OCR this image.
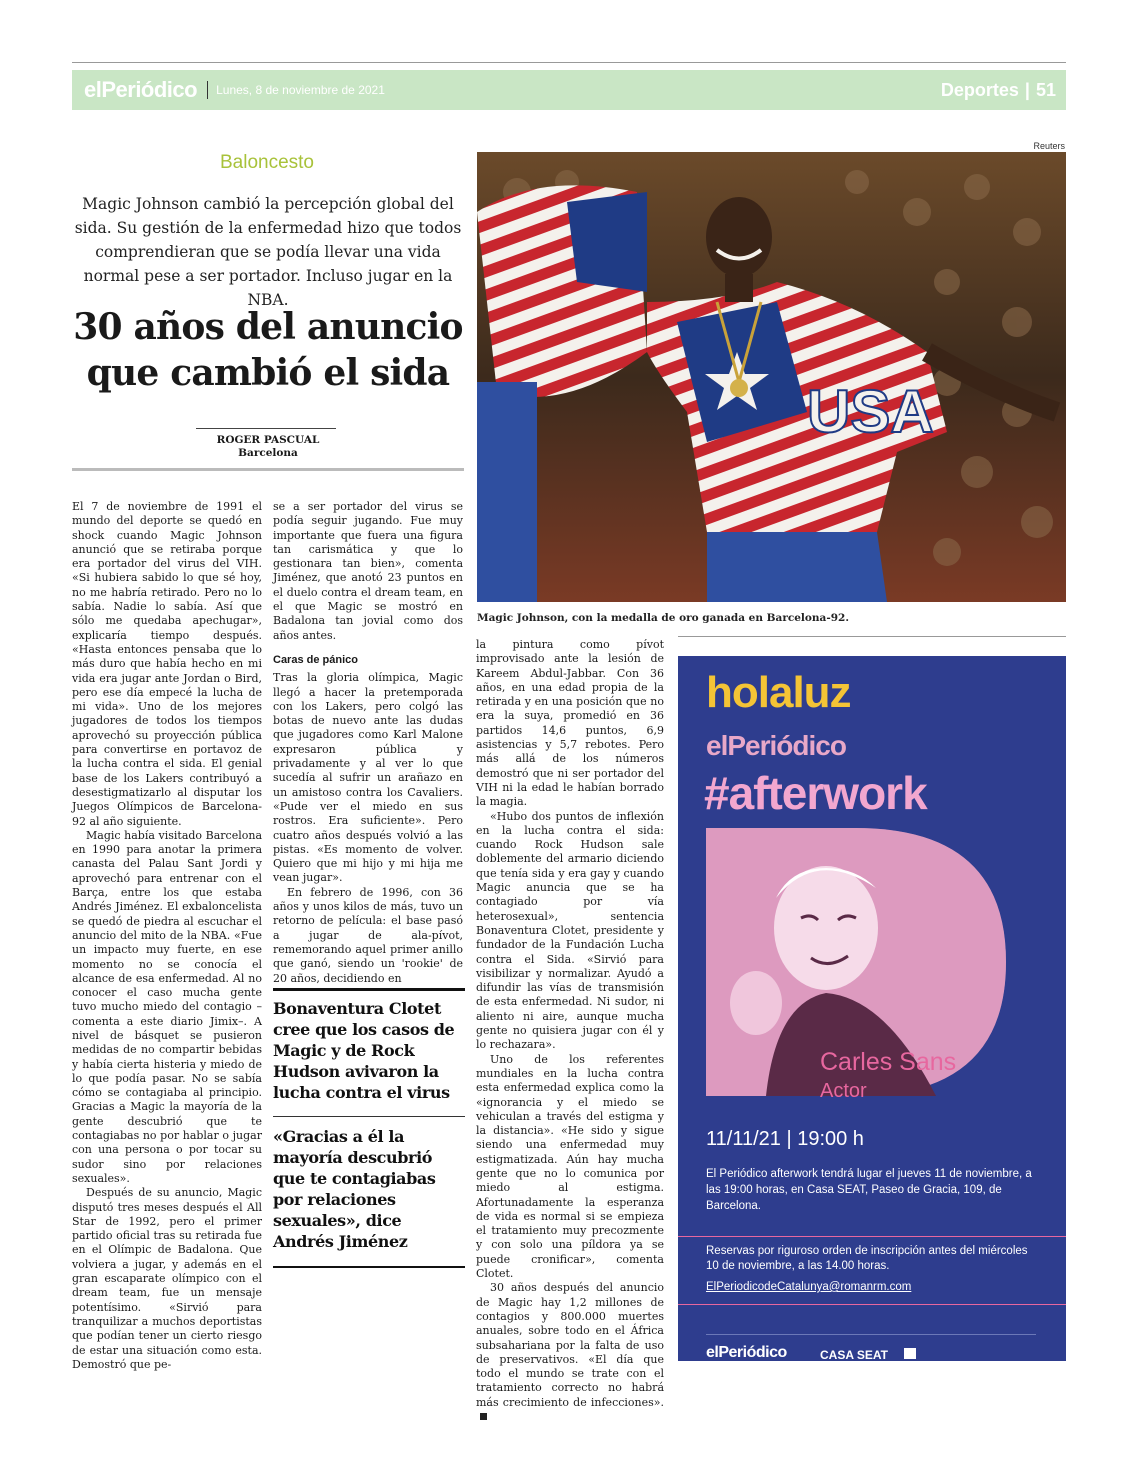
elPeriódico Lunes, 8 de noviembre de 2021	Deportes | 51
Baloncesto
Magic Johnson cambió la percepción global del sida. Su gestión de la enfermedad hizo que todos comprendieran que se podía llevar una vida normal pese a ser portador. Incluso jugar en la NBA.
30 años del anuncio que cambió el sida
ROGER PASCUAL
Barcelona
Reuters
USA
Magic Johnson, con la medalla de oro ganada en Barcelona-92.

El 7 de noviembre de 1991 el mundo del deporte se quedó en shock cuando Magic Johnson anunció que se retiraba porque era portador del virus del VIH. «Si hubiera sabido lo que sé hoy, no me habría retirado. Pero no lo sabía. Nadie lo sabía. Así que sólo me quedaba apechugar», explicaría tiempo después. «Hasta entonces pensaba que lo más duro que había hecho en mi vida era jugar ante Jordan o Bird, pero ese día empecé la lucha de mi vida». Uno de los mejores jugadores de todos los tiempos aprovechó su proyección pública para convertirse en portavoz de la lucha contra el sida. El genial base de los Lakers contribuyó a desestigmatizarlo al disputar los Juegos Olímpicos de Barcelona-92 al año siguiente.

Magic había visitado Barcelona en 1990 para anotar la primera canasta del Palau Sant Jordi y aprovechó para entrenar con el Barça, entre los que estaba Andrés Jiménez. El exbaloncelista se quedó de piedra al escuchar el anuncio del mito de la NBA. «Fue un impacto muy fuerte, en ese momento no se conocía el alcance de esa enfermedad. Al no conocer el caso mucha gente tuvo mucho miedo del contagio –comenta a este diario Jimix–. A nivel de básquet se pusieron medidas de no compartir bebidas y había cierta histeria y miedo de lo que podía pasar. No se sabía cómo se contagiaba al principio. Gracias a Magic la mayoría de la gente descubrió que te contagiabas no por hablar o jugar con una persona o por tocar su sudor sino por relaciones sexuales».

Después de su anuncio, Magic disputó tres meses después el All Star de 1992, pero el primer partido oficial tras su retirada fue en el Olímpic de Badalona. Que volviera a jugar, y además en el gran escaparate olímpico con el dream team, fue un mensaje potentísimo. «Sirvió para tranquilizar a muchos deportistas que podían tener un cierto riesgo de estar una situación como esta. Demostró que pe-

se a ser portador del virus se podía seguir jugando. Fue muy importante que fuera una figura tan carismática y que lo gestionara tan bien», comenta Jiménez, que anotó 23 puntos en el duelo contra el dream team, en el que Magic se mostró en Badalona tan jovial como dos años antes.

Caras de pánico

Tras la gloria olímpica, Magic llegó a hacer la pretemporada con los Lakers, pero colgó las botas de nuevo ante las dudas que jugadores como Karl Malone expresaron pública y privadamente y al ver lo que sucedía al sufrir un arañazo en un amistoso contra los Cavaliers. «Pude ver el miedo en sus rostros. Era suficiente». Pero cuatro años después volvió a las pistas. «Es momento de volver. Quiero que mi hijo y mi hija me vean jugar».

En febrero de 1996, con 36 años y unos kilos de más, tuvo un retorno de película: el base pasó a jugar de ala-pívot, rememorando aquel primer anillo que ganó, siendo un 'rookie' de 20 años, decidiendo en

Bonaventura Clotet cree que los casos de Magic y de Rock Hudson avivaron la lucha contra el virus
«Gracias a él la mayoría descubrió que te contagiabas por relaciones sexuales», dice Andrés Jiménez

la pintura como pívot improvisado ante la lesión de Kareem Abdul-Jabbar. Con 36 años, en una edad propia de la retirada y en una posición que no era la suya, promedió en 36 partidos 14,6 puntos, 6,9 asistencias y 5,7 rebotes. Pero más allá de los números demostró que ni ser portador del VIH ni la edad le habían borrado la magia.

«Hubo dos puntos de inflexión en la lucha contra el sida: cuando Rock Hudson sale doblemente del armario diciendo que tenía sida y era gay y cuando Magic anuncia que se ha contagiado por vía heterosexual», sentencia Bonaventura Clotet, presidente y fundador de la Fundación Lucha contra el Sida. «Sirvió para visibilizar y normalizar. Ayudó a difundir las vías de transmisión de esta enfermedad. Ni sudor, ni aliento ni aire, aunque mucha gente no quisiera jugar con él y lo rechazara».

Uno de los referentes mundiales en la lucha contra esta enfermedad explica como la «ignorancia y el miedo se vehiculan a través del estigma y la distancia». «He sido y sigue siendo una enfermedad muy estigmatizada. Aún hay mucha gente que no lo comunica por miedo al estigma. Afortunadamente la esperanza de vida es normal si se empieza el tratamiento muy precozmente y con solo una píldora ya se puede cronificar», comenta Clotet.

30 años después del anuncio de Magic hay 1,2 millones de contagios y 800.000 muertes anuales, sobre todo en el África subsahariana por la falta de uso de preservativos. «El día que todo el mundo se trate con el tratamiento correcto no habrá más crecimiento de infecciones».

holaluz
elPeriódico
#afterwork
Carles Sans
Actor
11/11/21 | 19:00 h
El Periódico afterwork tendrá lugar el jueves 11 de noviembre, a las 19:00 horas, en Casa SEAT, Paseo de Gracia, 109, de Barcelona.
Reservas por riguroso orden de inscripción antes del miércoles 10 de noviembre, a las 14.00 horas.
ElPeriodicodeCatalunya@romanrm.com
elPeriódico
Entender +
CASA SEAT
